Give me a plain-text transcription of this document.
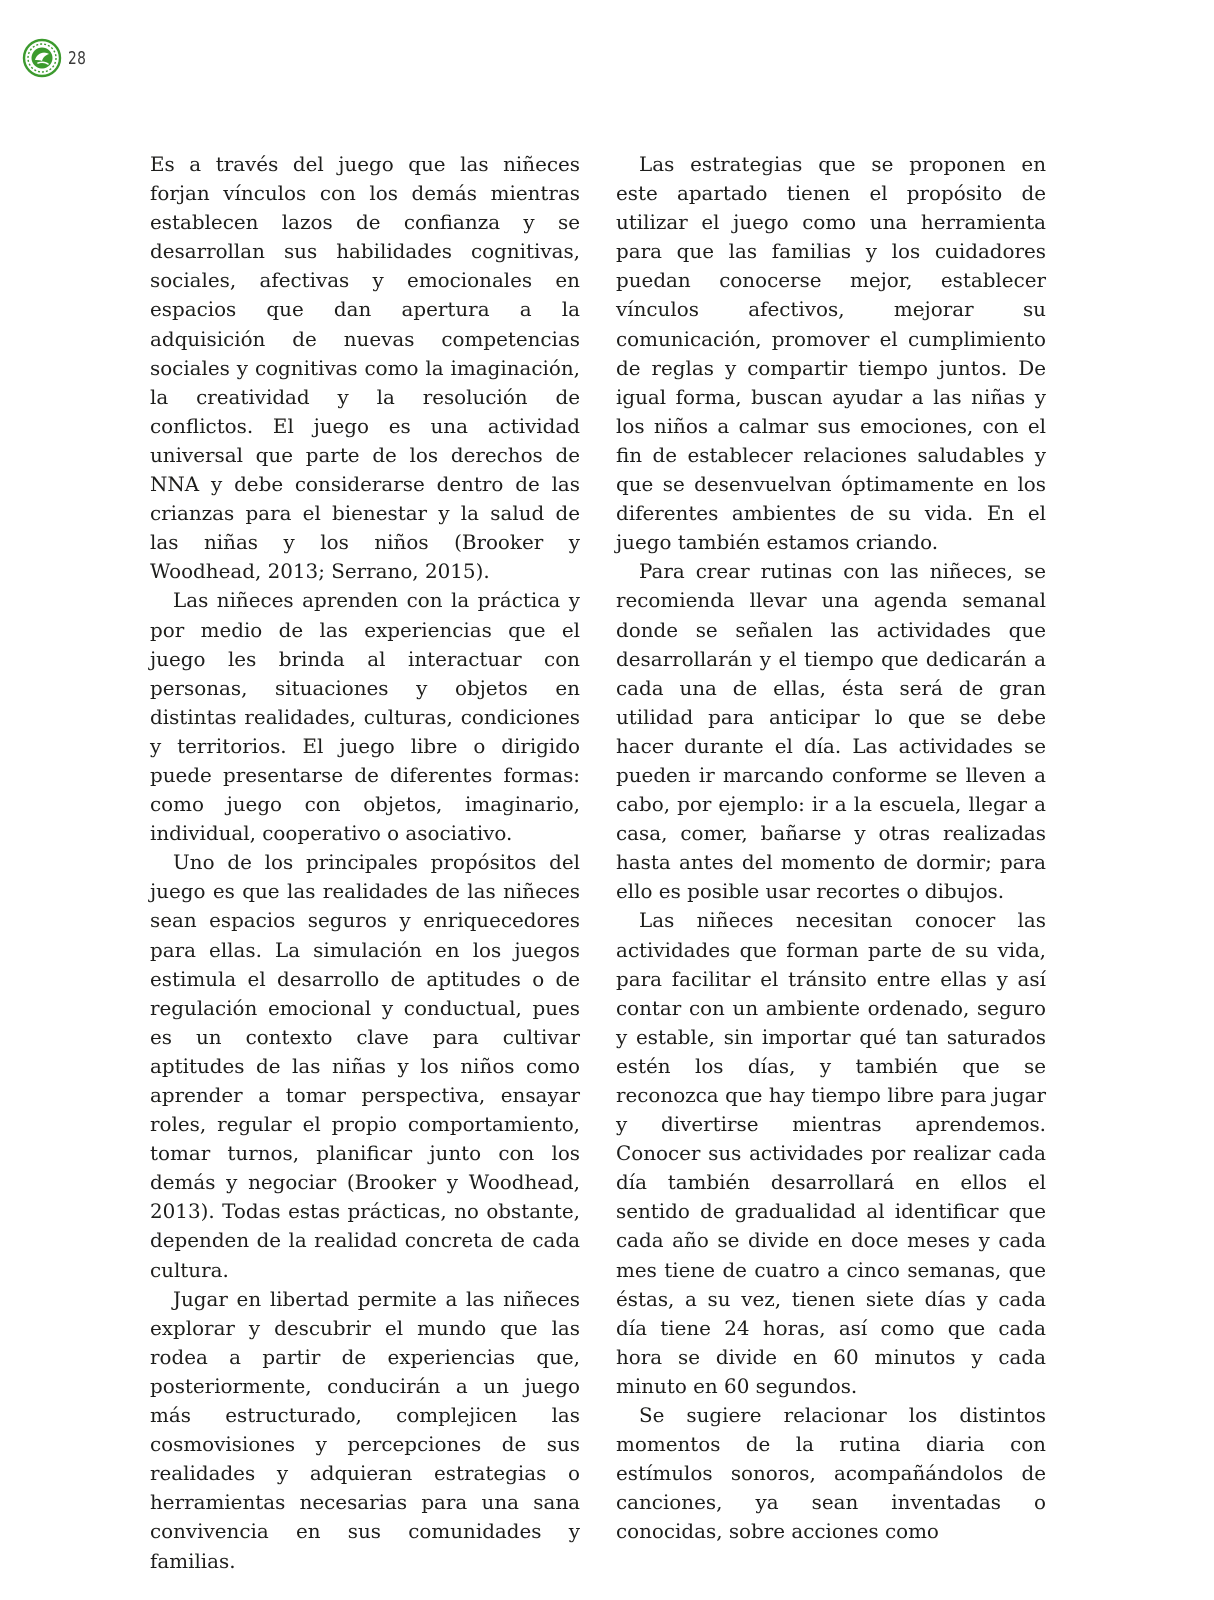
28

Es a través del juego que las niñeces forjan vínculos con los demás mientras establecen lazos de confianza y se desarrollan sus habilidades cognitivas, sociales, afectivas y emocionales en espacios que dan apertura a la adquisición de nuevas competencias sociales y cognitivas como la imaginación, la creatividad y la resolución de conflictos. El juego es una actividad universal que parte de los derechos de NNA y debe considerarse dentro de las crianzas para el bienestar y la salud de las niñas y los niños (Brooker y Woodhead, 2013; Serrano, 2015).

Las niñeces aprenden con la práctica y por medio de las experiencias que el juego les brinda al interactuar con personas, situaciones y objetos en distintas realidades, culturas, condiciones y territorios. El juego libre o dirigido puede presentarse de diferentes formas: como juego con objetos, imaginario, individual, cooperativo o asociativo.

Uno de los principales propósitos del juego es que las realidades de las niñeces sean espacios seguros y enriquecedores para ellas. La simulación en los juegos estimula el desarrollo de aptitudes o de regulación emocional y conductual, pues es un contexto clave para cultivar aptitudes de las niñas y los niños como aprender a tomar perspectiva, ensayar roles, regular el propio comportamiento, tomar turnos, planificar junto con los demás y negociar (Brooker y Woodhead, 2013). Todas estas prácticas, no obstante, dependen de la realidad concreta de cada cultura.

Jugar en libertad permite a las niñeces explorar y descubrir el mundo que las rodea a partir de experiencias que, posteriormente, conducirán a un juego más estructurado, complejicen las cosmovisiones y percepciones de sus realidades y adquieran estrategias o herramientas necesarias para una sana convivencia en sus comunidades y familias.

Las estrategias que se proponen en este apartado tienen el propósito de utilizar el juego como una herramienta para que las familias y los cuidadores puedan conocerse mejor, establecer vínculos afectivos, mejorar su comunicación, promover el cumplimiento de reglas y compartir tiempo juntos. De igual forma, buscan ayudar a las niñas y los niños a calmar sus emociones, con el fin de establecer relaciones saludables y que se desenvuelvan óptimamente en los diferentes ambientes de su vida. En el juego también estamos criando.

Para crear rutinas con las niñeces, se recomienda llevar una agenda semanal donde se señalen las actividades que desarrollarán y el tiempo que dedicarán a cada una de ellas, ésta será de gran utilidad para anticipar lo que se debe hacer durante el día. Las actividades se pueden ir marcando conforme se lleven a cabo, por ejemplo: ir a la escuela, llegar a casa, comer, bañarse y otras realizadas hasta antes del momento de dormir; para ello es posible usar recortes o dibujos.

Las niñeces necesitan conocer las actividades que forman parte de su vida, para facilitar el tránsito entre ellas y así contar con un ambiente ordenado, seguro y estable, sin importar qué tan saturados estén los días, y también que se reconozca que hay tiempo libre para jugar y divertirse mientras aprendemos. Conocer sus actividades por realizar cada día también desarrollará en ellos el sentido de gradualidad al identificar que cada año se divide en doce meses y cada mes tiene de cuatro a cinco semanas, que éstas, a su vez, tienen siete días y cada día tiene 24 horas, así como que cada hora se divide en 60 minutos y cada minuto en 60 segundos.

Se sugiere relacionar los distintos momentos de la rutina diaria con estímulos sonoros, acompañándolos de canciones, ya sean inventadas o conocidas, sobre acciones como
